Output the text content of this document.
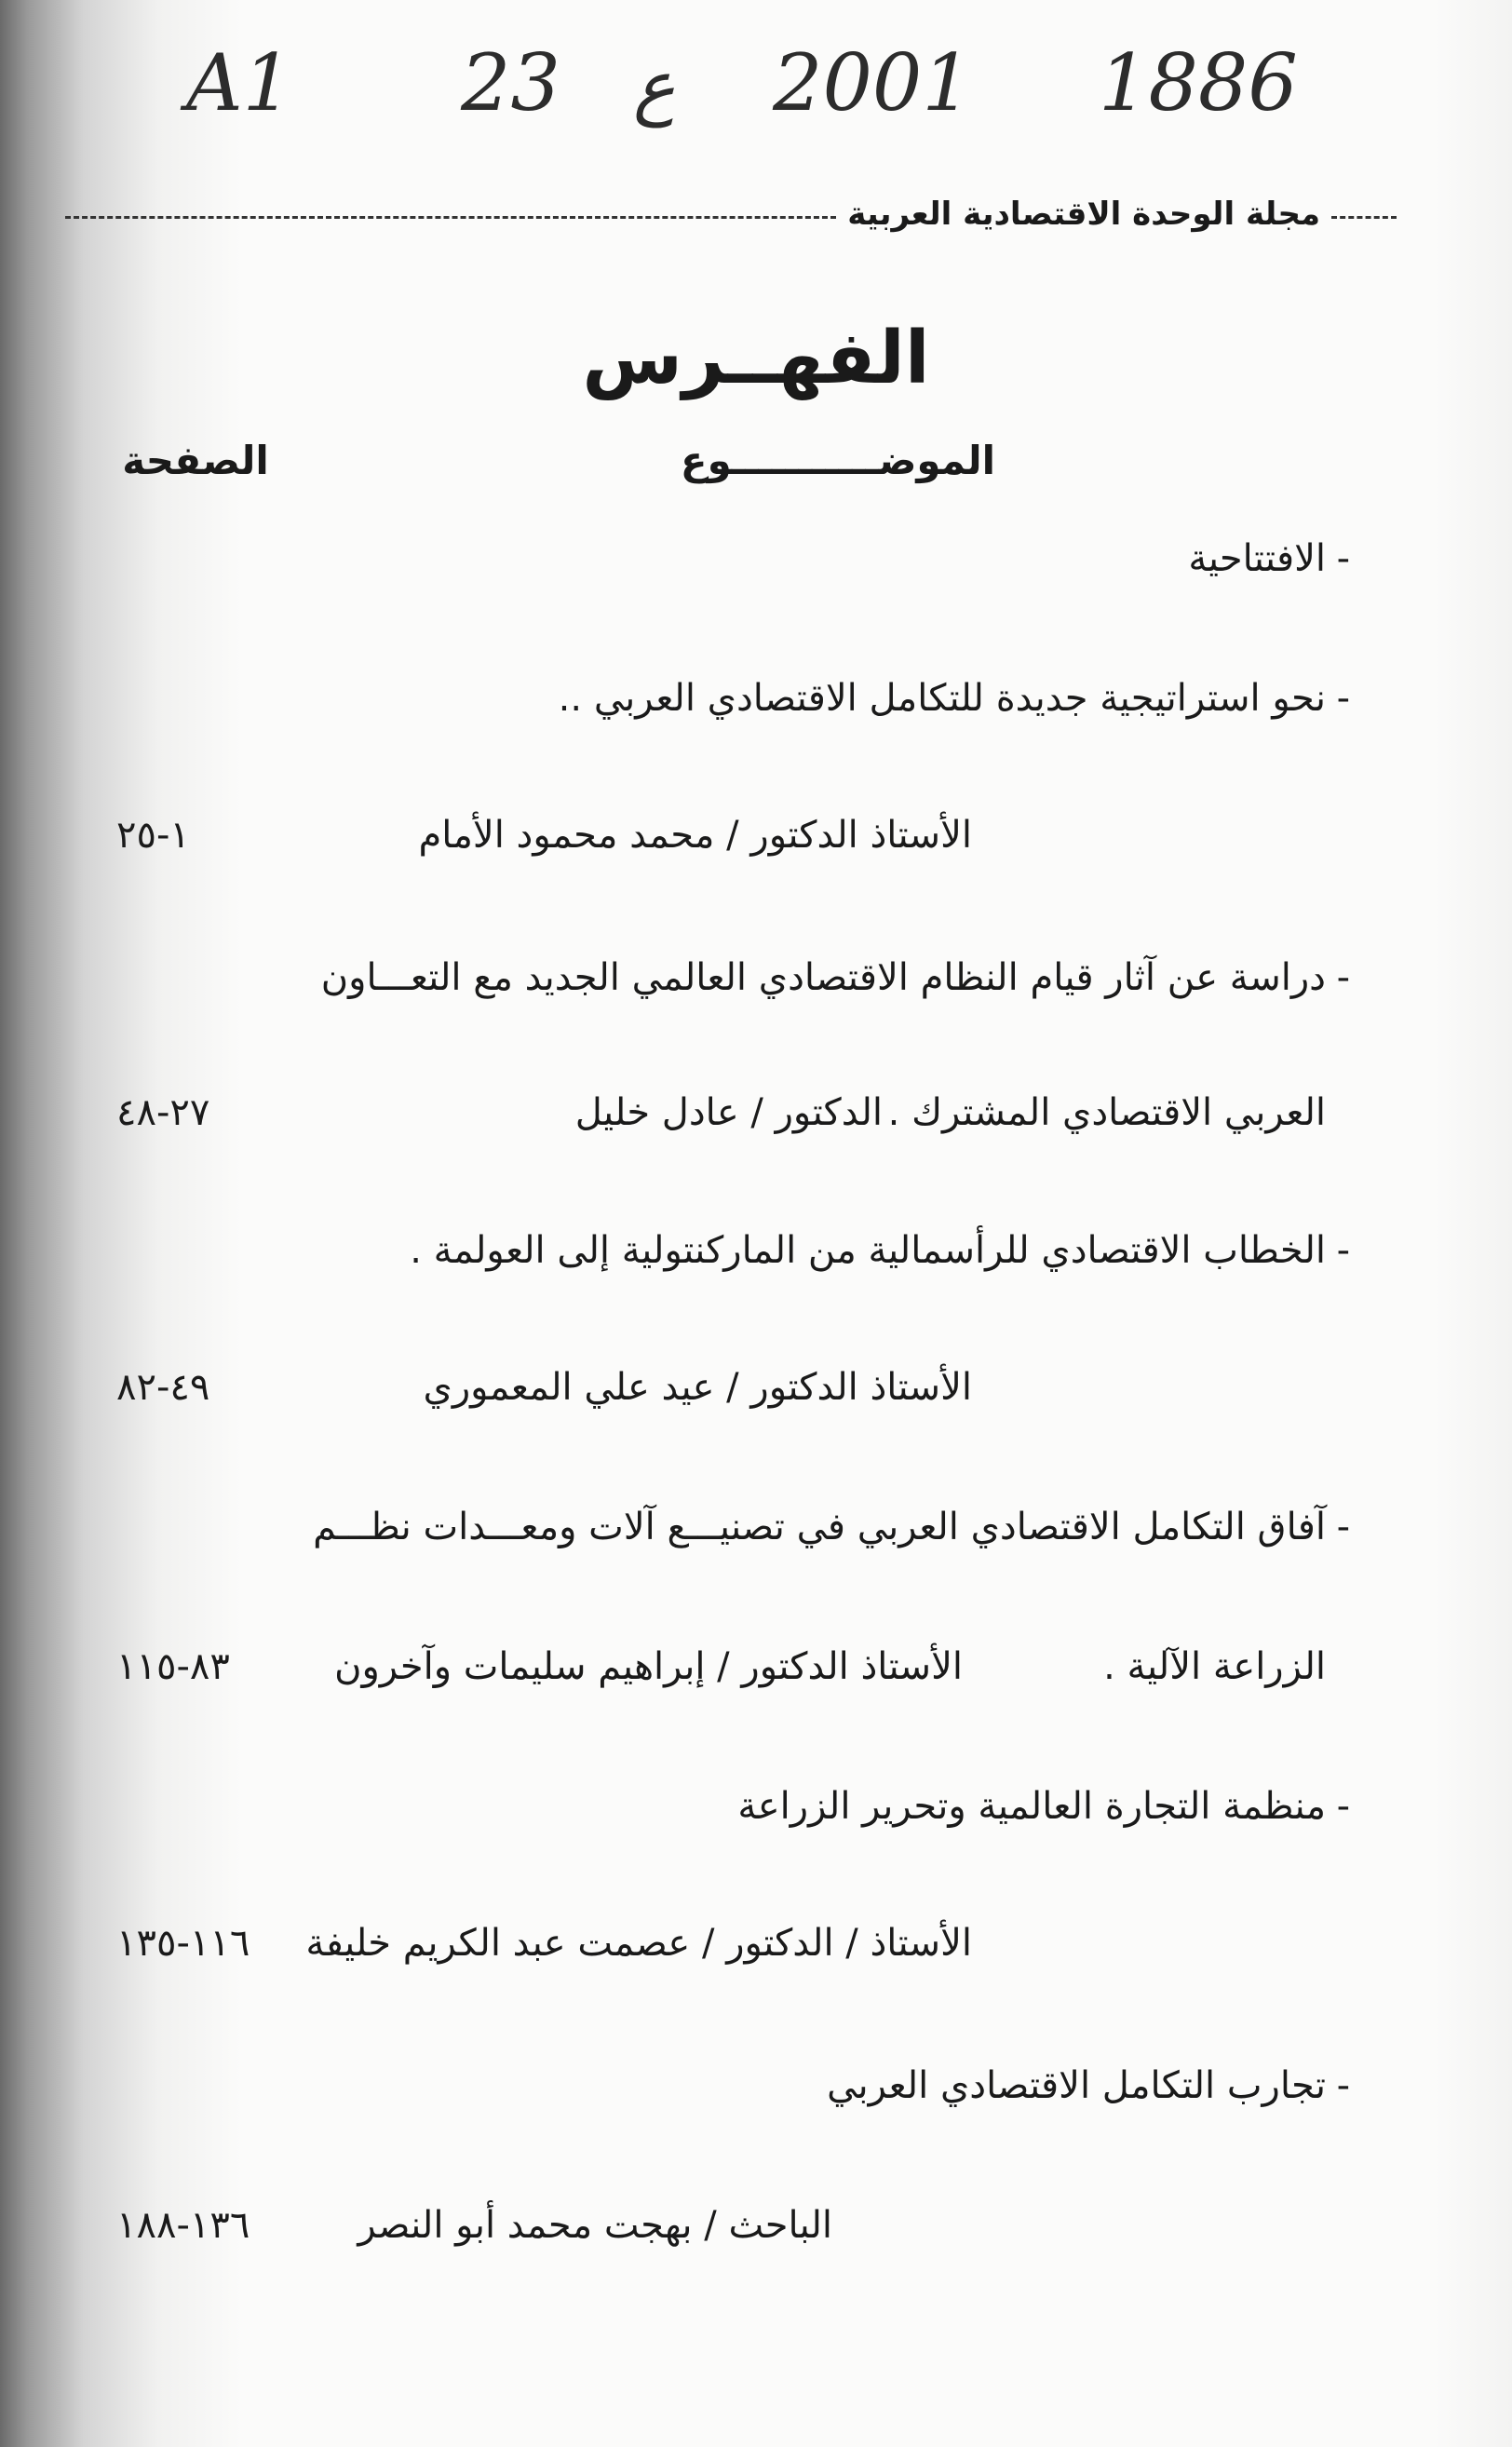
A1 23 ع 2001 1886
مجلة الوحدة الاقتصادية العربية
الفهــرس
الصفحة	الموضـــــــــــوع
-
الافتتاحية
-
نحو استراتيجية جديدة للتكامل الاقتصادي العربي ..
الأستاذ الدكتور / محمد محمود الأمام
١-٢٥
-
دراسة عن آثار قيام النظام الاقتصادي العالمي الجديد مع التعـــاون
العربي الاقتصادي المشترك .
الدكتور / عادل خليل
٢٧-٤٨
-
الخطاب الاقتصادي للرأسمالية من الماركنتولية إلى العولمة .
الأستاذ الدكتور / عيد علي المعموري
٤٩-٨٢
-
آفاق التكامل الاقتصادي العربي في تصنيـــع آلات ومعـــدات نظـــم
الزراعة الآلية .
الأستاذ الدكتور / إبراهيم سليمات وآخرون
٨٣-١١٥
-
منظمة التجارة العالمية وتحرير الزراعة
الأستاذ / الدكتور / عصمت عبد الكريم خليفة
١١٦-١٣٥
-
تجارب التكامل الاقتصادي العربي
الباحث / بهجت محمد أبو النصر
١٣٦-١٨٨
